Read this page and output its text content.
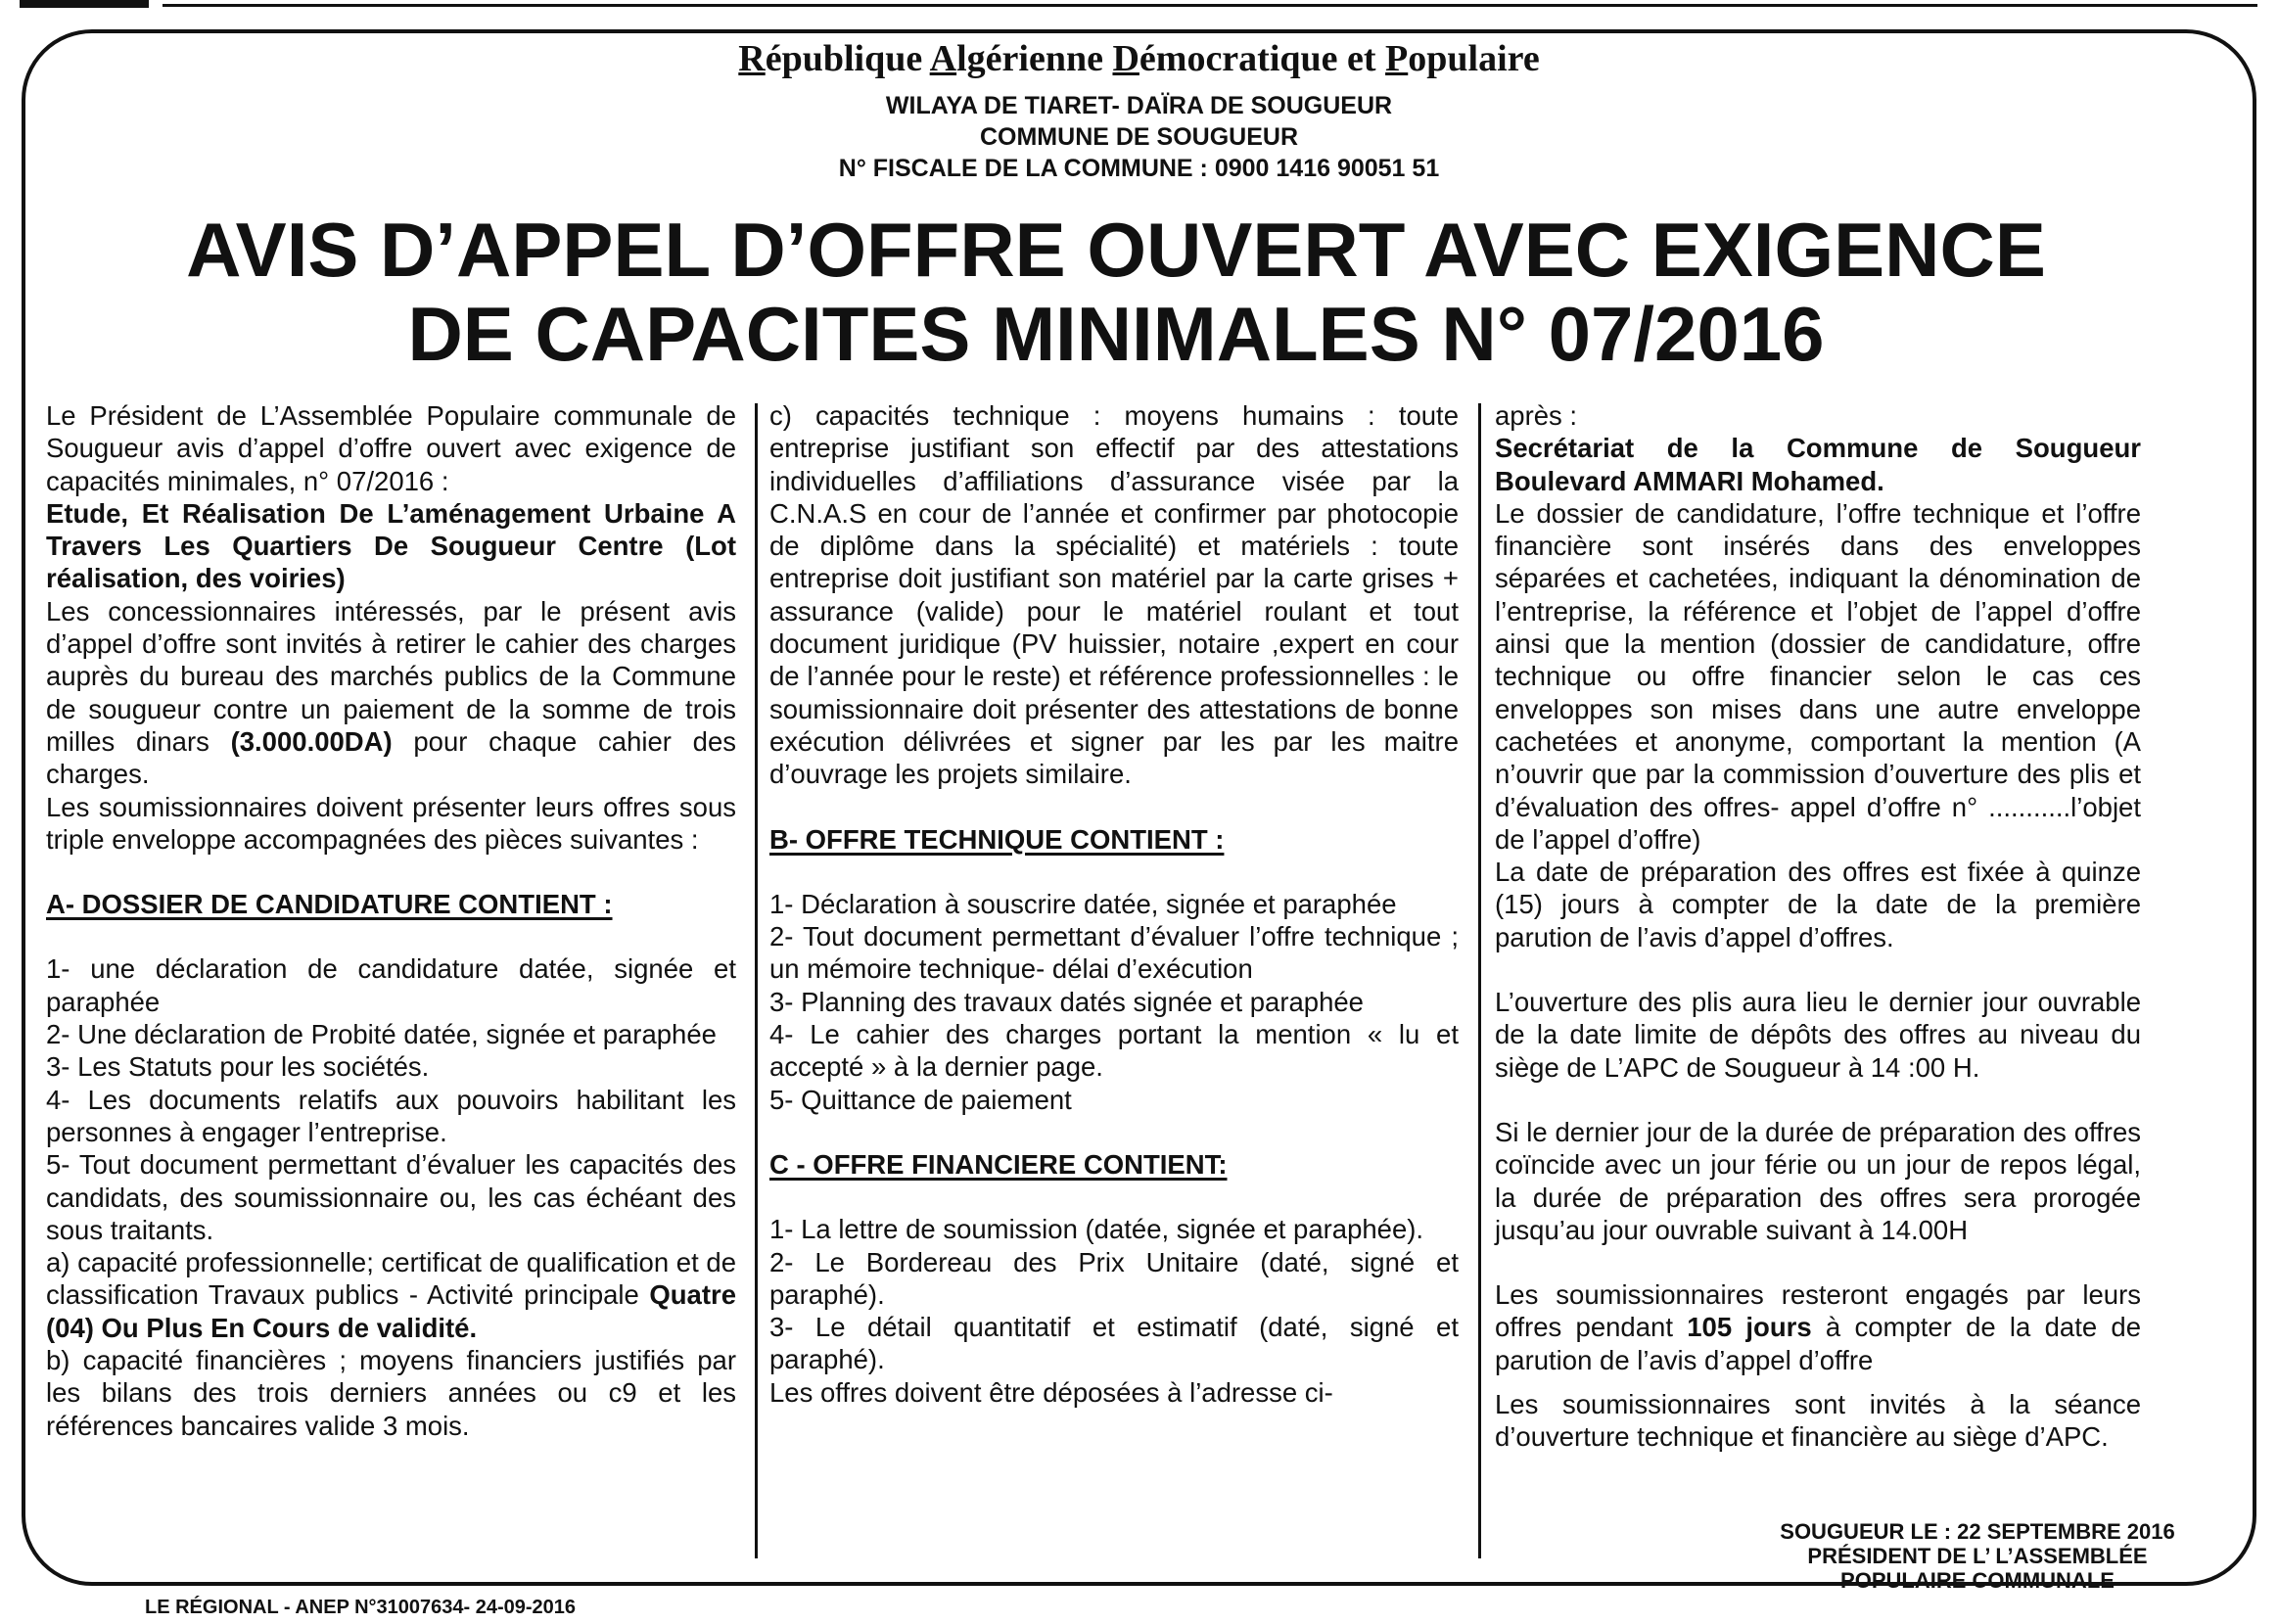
République Algérienne Démocratique et Populaire
WILAYA DE TIARET- DAÏRA DE SOUGUEUR
COMMUNE DE SOUGUEUR
N° FISCALE DE LA COMMUNE : 0900 1416 90051 51
AVIS D’APPEL D’OFFRE OUVERT AVEC EXIGENCE
DE CAPACITES MINIMALES N° 07/2016

Le Président de L’Assemblée Populaire communale de Sougueur avis d’appel d’offre ouvert avec exigence de capacités minimales, n° 07/2016 :

Etude, Et Réalisation De L’aménagement Urbaine A Travers Les Quartiers De Sougueur Centre (Lot réalisation, des voiries)

Les concessionnaires intéressés, par le présent avis d’appel d’offre sont invités à retirer le cahier des charges auprès du bureau des marchés publics de la Commune de sougueur contre un paiement de la somme de trois milles dinars (3.000.00DA) pour chaque cahier des charges.

Les soumissionnaires doivent présenter leurs offres sous triple enveloppe accompagnées des pièces suivantes :

A- DOSSIER DE CANDIDATURE CONTIENT :

1- une déclaration de candidature datée, signée et paraphée

2- Une déclaration de Probité datée, signée et paraphée

3- Les Statuts pour les sociétés.

4- Les documents relatifs aux pouvoirs habilitant les personnes à engager l’entreprise.

5- Tout document permettant d’évaluer les capacités des candidats, des soumissionnaire ou, les cas échéant des sous traitants.

a) capacité professionnelle; certificat de qualification et de classification Travaux publics - Activité principale Quatre (04) Ou Plus En Cours de validité.

b) capacité financières ; moyens financiers justifiés par les bilans des trois derniers années ou c9 et les références bancaires valide 3 mois.

c) capacités technique : moyens humains : toute entreprise justifiant son effectif par des attestations individuelles d’affiliations d’assurance visée par la C.N.A.S en cour de l’année et confirmer par photocopie de diplôme dans la spécialité) et matériels : toute entreprise doit justifiant son matériel par la carte grises + assurance (valide) pour le matériel roulant et tout document juridique (PV huissier, notaire ,expert en cour de l’année pour le reste) et référence professionnelles : le soumissionnaire doit présenter des attestations de bonne exécution délivrées et signer par les par les maitre d’ouvrage les projets similaire.

B- OFFRE TECHNIQUE CONTIENT :

1- Déclaration à souscrire datée, signée et paraphée

2- Tout document permettant d’évaluer l’offre technique ; un mémoire technique- délai d’exécution

3- Planning des travaux datés signée et paraphée

4- Le cahier des charges portant la mention « lu et accepté » à la dernier page.

5- Quittance de paiement

C - OFFRE FINANCIERE CONTIENT:

1- La lettre de soumission (datée, signée et paraphée).

2- Le Bordereau des Prix Unitaire (daté, signé et paraphé).

3- Le détail quantitatif et estimatif (daté, signé et paraphé).

Les offres doivent être déposées à l’adresse ci-

après :

Secrétariat de la Commune de Sougueur Boulevard AMMARI Mohamed.

Le dossier de candidature, l’offre technique et l’offre financière sont insérés dans des enveloppes séparées et cachetées, indiquant la dénomination de l’entreprise, la référence et l’objet de l’appel d’offre ainsi que la mention (dossier de candidature, offre technique ou offre financier selon le cas ces enveloppes son mises dans une autre enveloppe cachetées et anonyme, comportant la mention (A n’ouvrir que par la commission d’ouverture des plis et d’évaluation des offres- appel d’offre n° ...........l’objet de l’appel d’offre)

La date de préparation des offres est fixée à quinze (15) jours à compter de la date de la première parution de l’avis d’appel d’offres.

L’ouverture des plis aura lieu le dernier jour ouvrable de la date limite de dépôts des offres au niveau du siège de L’APC de Sougueur à 14 :00 H.

Si le dernier jour de la durée de préparation des offres coïncide avec un jour férie ou un jour de repos légal, la durée de préparation des offres sera prorogée jusqu’au jour ouvrable suivant à 14.00H

Les soumissionnaires resteront engagés par leurs offres pendant 105 jours à compter de la date de parution de l’avis d’appel d’offre

Les soumissionnaires sont invités à la séance d’ouverture technique et financière au siège d’APC.

SOUGUEUR LE : 22 SEPTEMBRE 2016
PRÉSIDENT DE L’ L’ASSEMBLÉE
POPULAIRE COMMUNALE
LE RÉGIONAL - ANEP N°31007634- 24-09-2016
